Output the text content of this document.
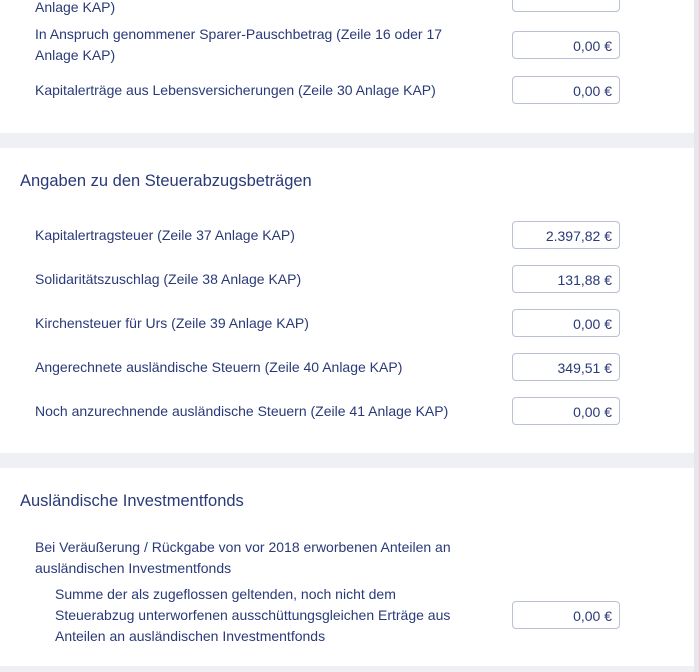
Anlage KAP)
In Anspruch genommener Sparer-Pauschbetrag (Zeile 16 oder 17
Anlage KAP)
0,00 €
Kapitalerträge aus Lebensversicherungen (Zeile 30 Anlage KAP)	0,00 €
Angaben zu den Steuerabzugsbeträgen
Kapitalertragsteuer (Zeile 37 Anlage KAP)	2.397,82 €
Solidaritätszuschlag (Zeile 38 Anlage KAP)	131,88 €
Kirchensteuer für Urs (Zeile 39 Anlage KAP)	0,00 €
Angerechnete ausländische Steuern (Zeile 40 Anlage KAP)	349,51 €
Noch anzurechnende ausländische Steuern (Zeile 41 Anlage KAP)	0,00 €
Ausländische Investmentfonds
Bei Veräußerung / Rückgabe von vor 2018 erworbenen Anteilen an
ausländischen Investmentfonds
Summe der als zugeflossen geltenden, noch nicht dem
Steuerabzug unterworfenen ausschüttungsgleichen Erträge aus
Anteilen an ausländischen Investmentfonds
0,00 €
